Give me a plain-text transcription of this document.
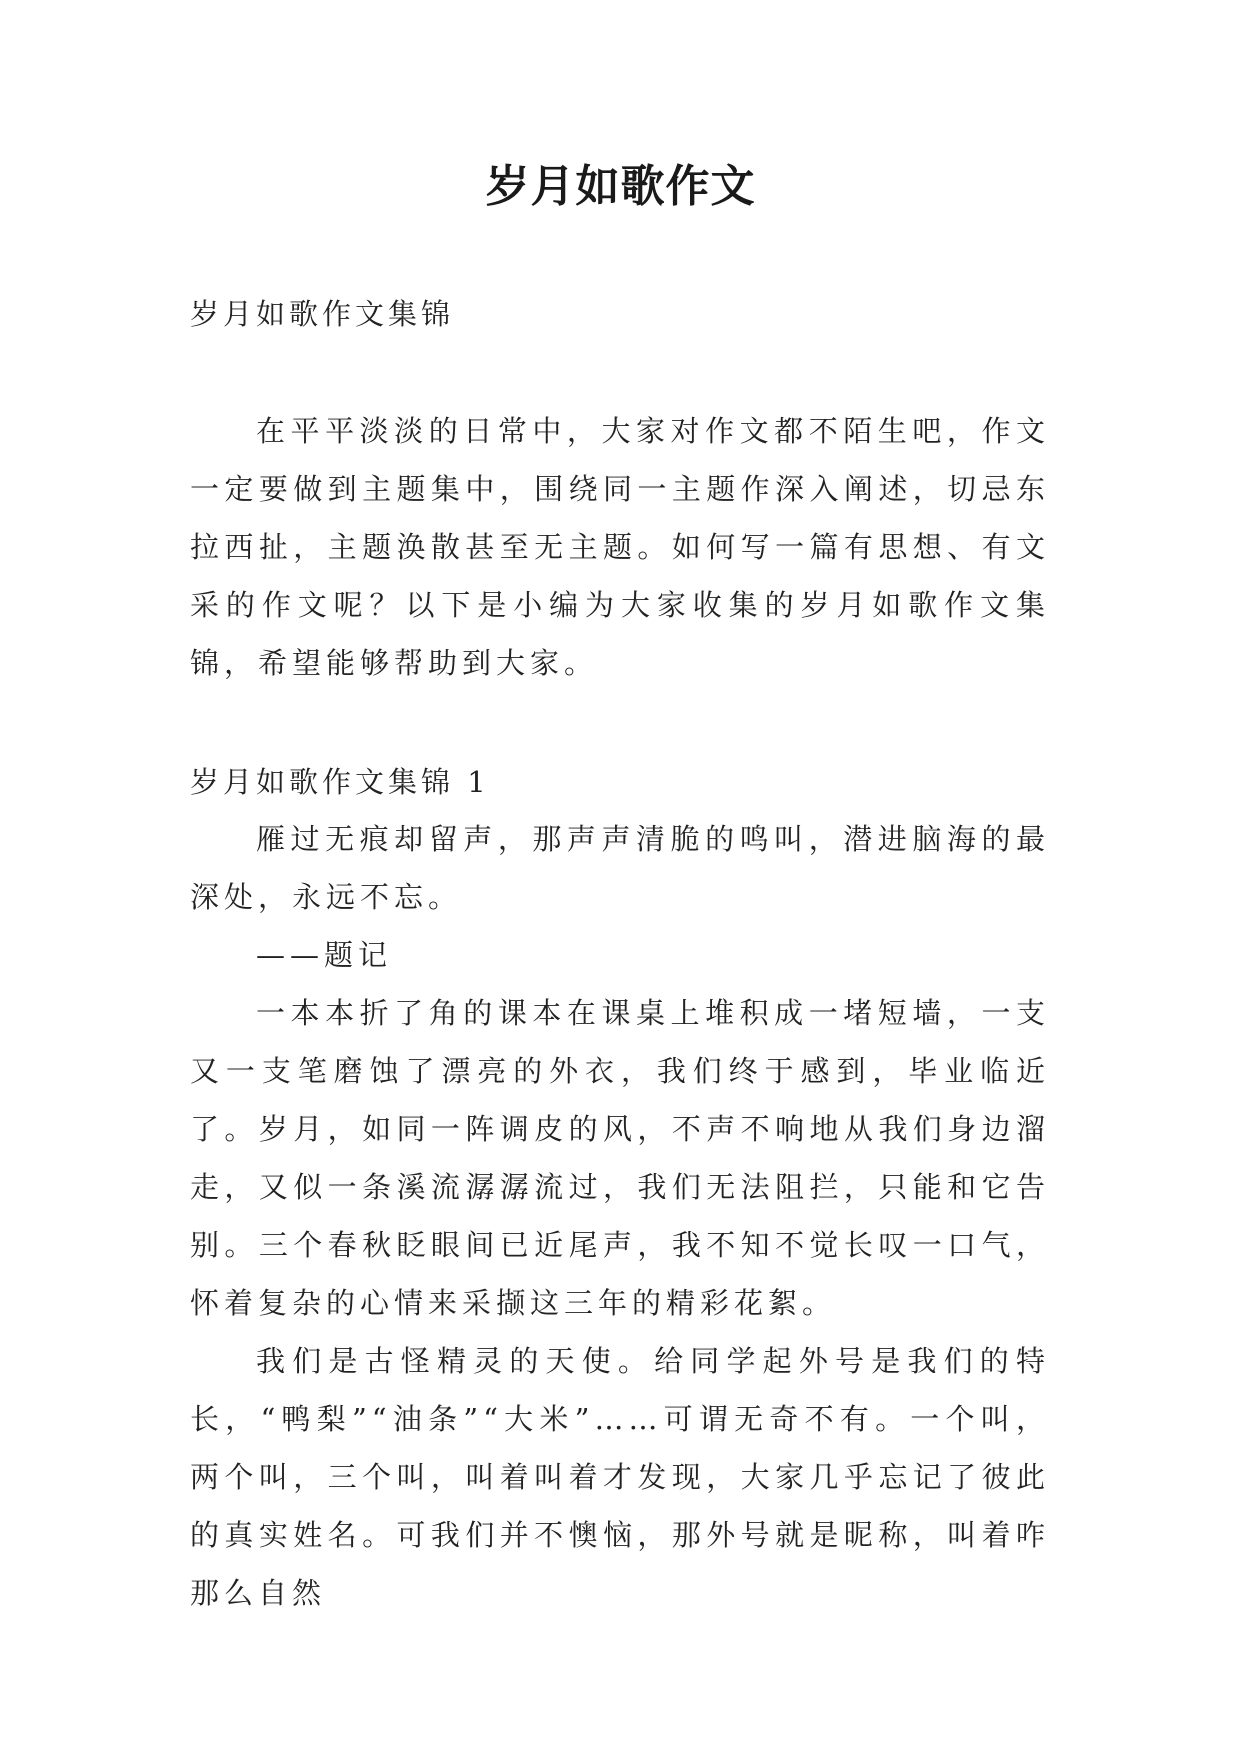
岁月如歌作文
岁月如歌作文集锦

在平平淡淡的日常中，大家对作文都不陌生吧，作文一定要做到主题集中，围绕同一主题作深入阐述，切忌东拉西扯，主题涣散甚至无主题。如何写一篇有思想、有文采的作文呢？以下是小编为大家收集的岁月如歌作文集锦，希望能够帮助到大家。

岁月如歌作文集锦 1

雁过无痕却留声，那声声清脆的鸣叫，潜进脑海的最深处，永远不忘。

——题记

一本本折了角的课本在课桌上堆积成一堵短墙，一支又一支笔磨蚀了漂亮的外衣，我们终于感到，毕业临近了。岁月，如同一阵调皮的风，不声不响地从我们身边溜走，又似一条溪流潺潺流过，我们无法阻拦，只能和它告别。三个春秋眨眼间已近尾声，我不知不觉长叹一口气，怀着复杂的心情来采撷这三年的精彩花絮。

我们是古怪精灵的天使。给同学起外号是我们的特长，“鸭梨”“油条”“大米”……可谓无奇不有。一个叫，两个叫，三个叫，叫着叫着才发现，大家几乎忘记了彼此的真实姓名。可我们并不懊恼，那外号就是昵称，叫着咋那么自然
